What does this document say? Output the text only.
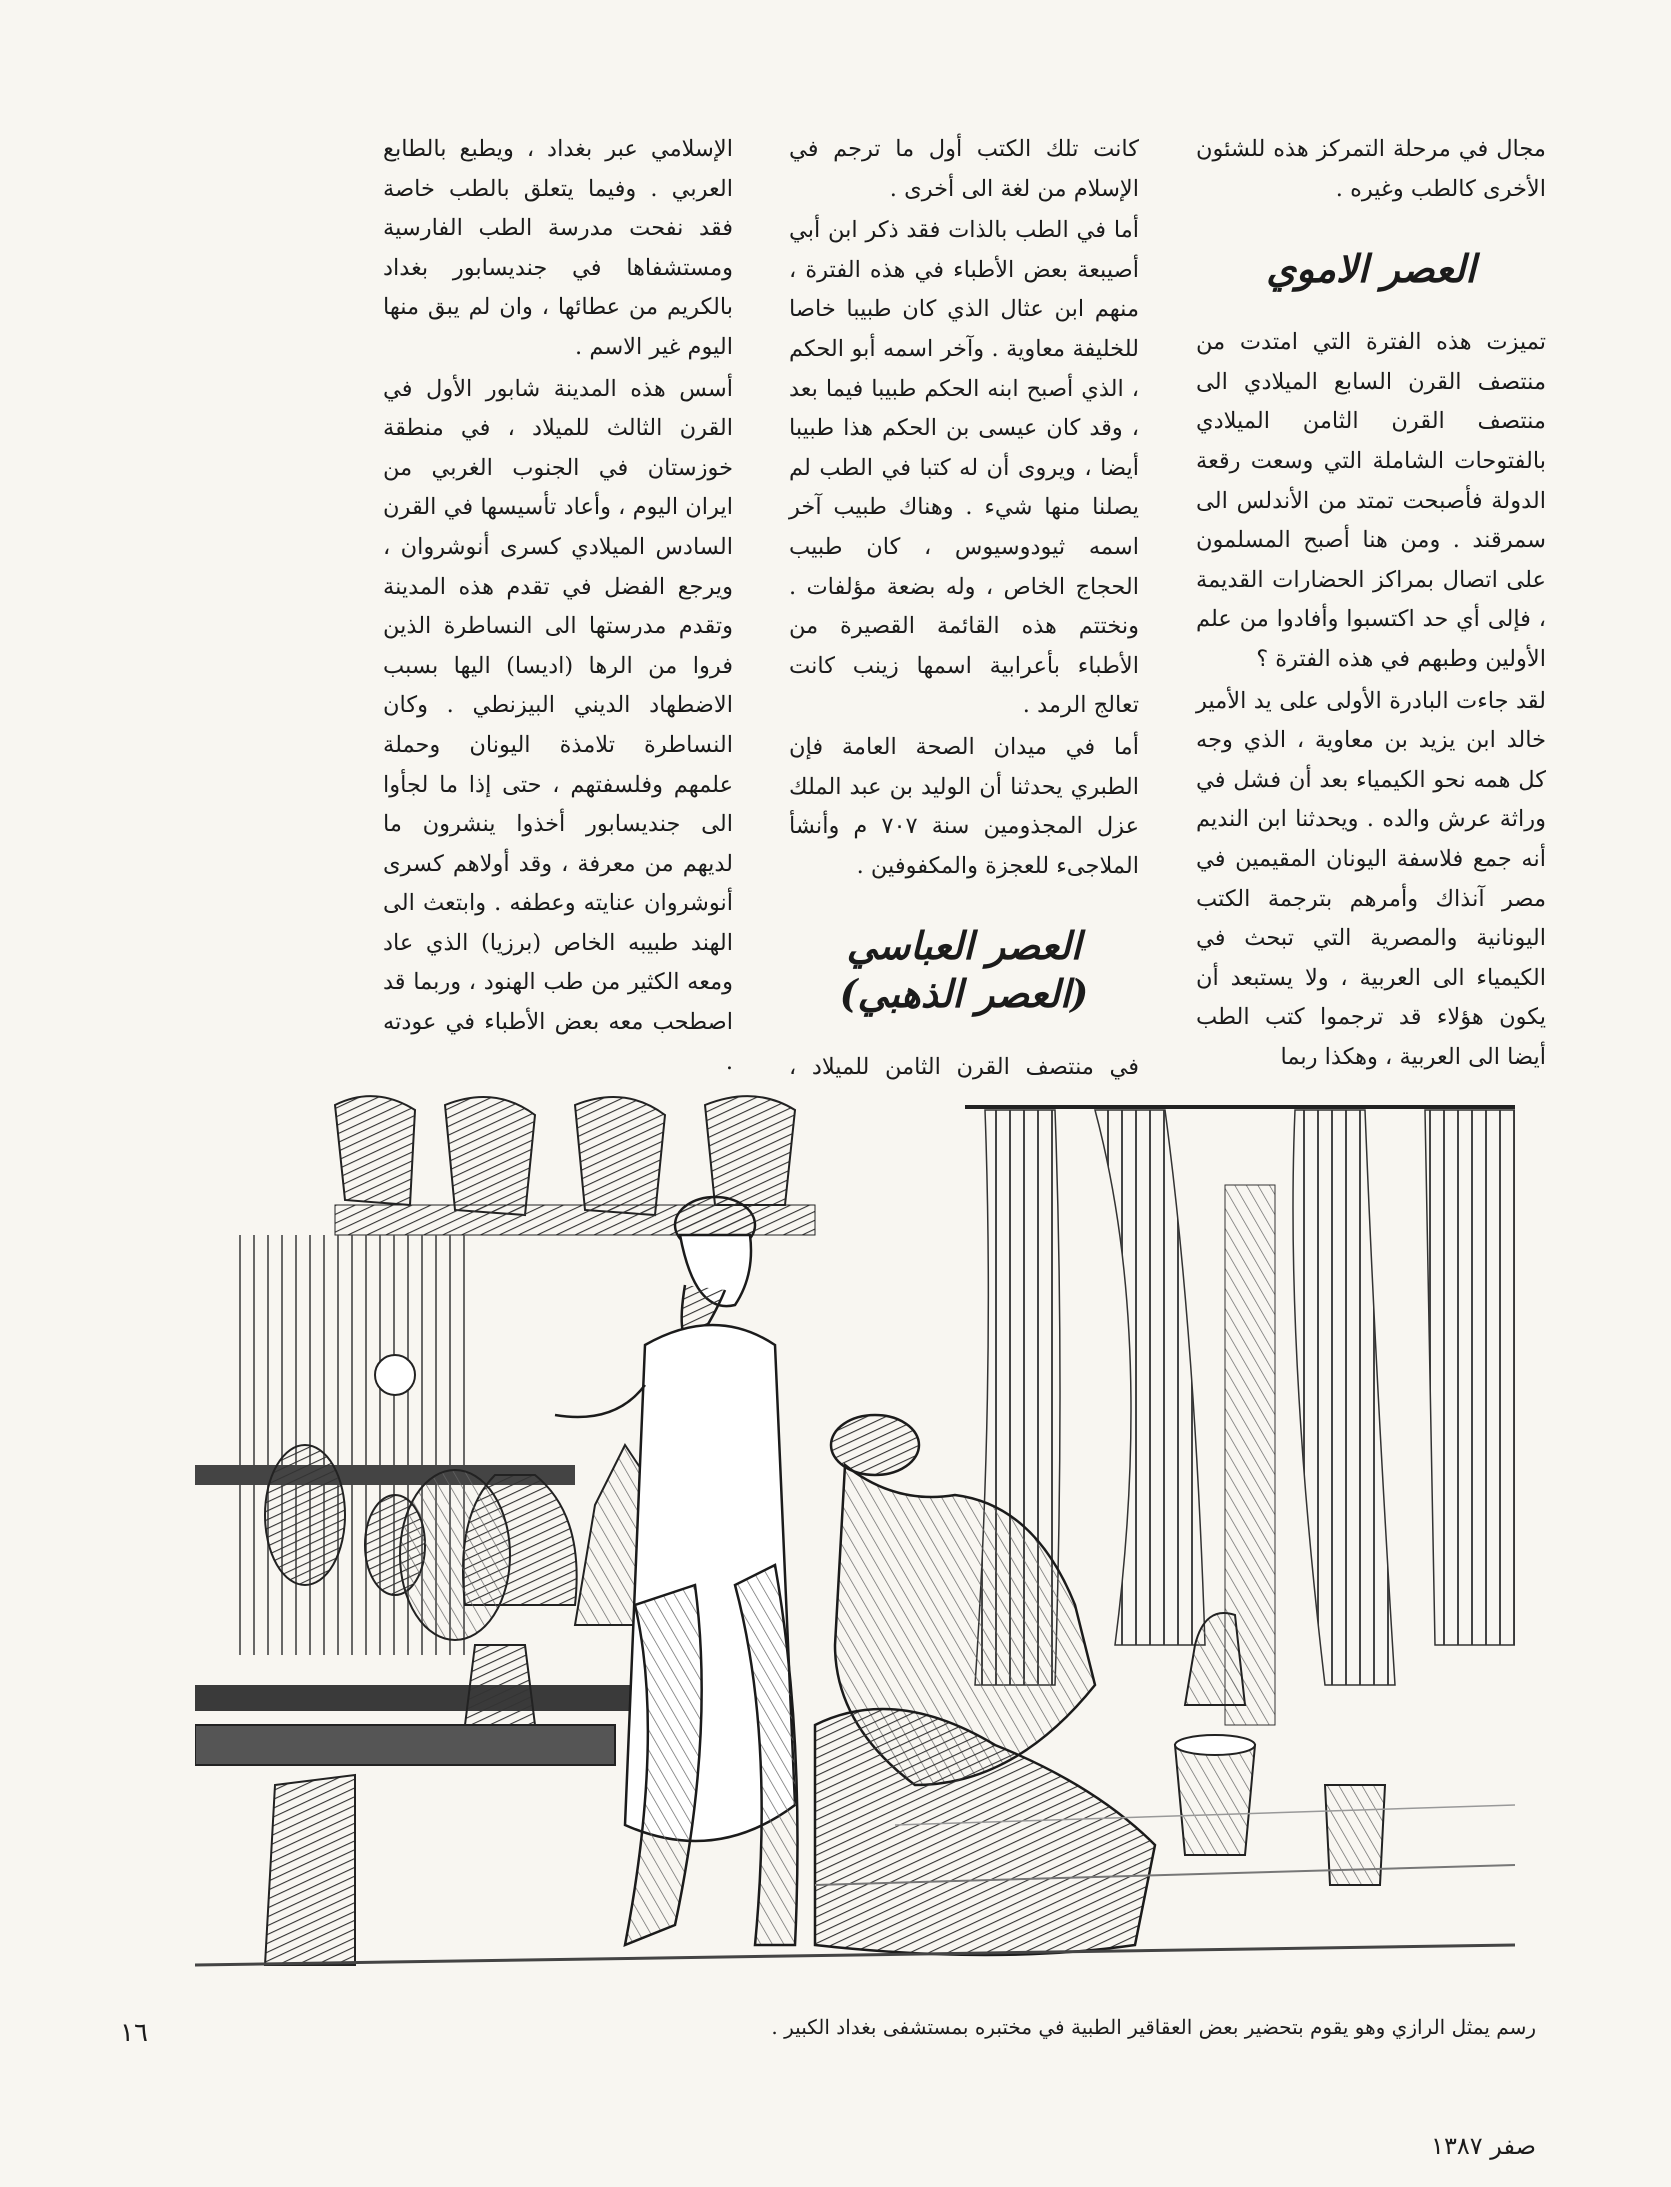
مجال في مرحلة التمركز هذه للشئون الأخرى كالطب وغيره .

العصر الاموي

تميزت هذه الفترة التي امتدت من منتصف القرن السابع الميلادي الى منتصف القرن الثامن الميلادي بالفتوحات الشاملة التي وسعت رقعة الدولة فأصبحت تمتد من الأندلس الى سمرقند . ومن هنا أصبح المسلمون على اتصال بمراكز الحضارات القديمة ، فإلى أي حد اكتسبوا وأفادوا من علم الأولين وطبهم في هذه الفترة ؟

لقد جاءت البادرة الأولى على يد الأمير خالد ابن يزيد بن معاوية ، الذي وجه كل همه نحو الكيمياء بعد أن فشل في وراثة عرش والده . ويحدثنا ابن النديم أنه جمع فلاسفة اليونان المقيمين في مصر آنذاك وأمرهم بترجمة الكتب اليونانية والمصرية التي تبحث في الكيمياء الى العربية ، ولا يستبعد أن يكون هؤلاء قد ترجموا كتب الطب أيضا الى العربية ، وهكذا ربما

كانت تلك الكتب أول ما ترجم في الإسلام من لغة الى أخرى .

أما في الطب بالذات فقد ذكر ابن أبي أصيبعة بعض الأطباء في هذه الفترة ، منهم ابن عثال الذي كان طبيبا خاصا للخليفة معاوية . وآخر اسمه أبو الحكم ، الذي أصبح ابنه الحكم طبيبا فيما بعد ، وقد كان عيسى بن الحكم هذا طبيبا أيضا ، ويروى أن له كتبا في الطب لم يصلنا منها شيء . وهناك طبيب آخر اسمه ثيودوسيوس ، كان طبيب الحجاج الخاص ، وله بضعة مؤلفات . ونختتم هذه القائمة القصيرة من الأطباء بأعرابية اسمها زينب كانت تعالج الرمد .

أما في ميدان الصحة العامة فإن الطبري يحدثنا أن الوليد بن عبد الملك عزل المجذومين سنة ٧٠٧ م وأنشأ الملاجىء للعجزة والمكفوفين .

العصر العباسي (العصر الذهبي)

في منتصف القرن الثامن للميلاد ،

الإسلامي عبر بغداد ، ويطبع بالطابع العربي . وفيما يتعلق بالطب خاصة فقد نفحت مدرسة الطب الفارسية ومستشفاها في جنديسابور بغداد بالكريم من عطائها ، وان لم يبق منها اليوم غير الاسم .

أسس هذه المدينة شابور الأول في القرن الثالث للميلاد ، في منطقة خوزستان في الجنوب الغربي من ايران اليوم ، وأعاد تأسيسها في القرن السادس الميلادي كسرى أنوشروان ، ويرجع الفضل في تقدم هذه المدينة وتقدم مدرستها الى النساطرة الذين فروا من الرها (اديسا) اليها بسبب الاضطهاد الديني البيزنطي . وكان النساطرة تلامذة اليونان وحملة علمهم وفلسفتهم ، حتى إذا ما لجأوا الى جنديسابور أخذوا ينشرون ما لديهم من معرفة ، وقد أولاهم كسرى أنوشروان عنايته وعطفه . وابتعث الى الهند طبيبه الخاص (برزيا) الذي عاد ومعه الكثير من طب الهنود ، وربما قد اصطحب معه بعض الأطباء في عودته .

رسم يمثل الرازي وهو يقوم بتحضير بعض العقاقير الطبية في مختبره بمستشفى بغداد الكبير .
١٦
صفر ١٣٨٧
